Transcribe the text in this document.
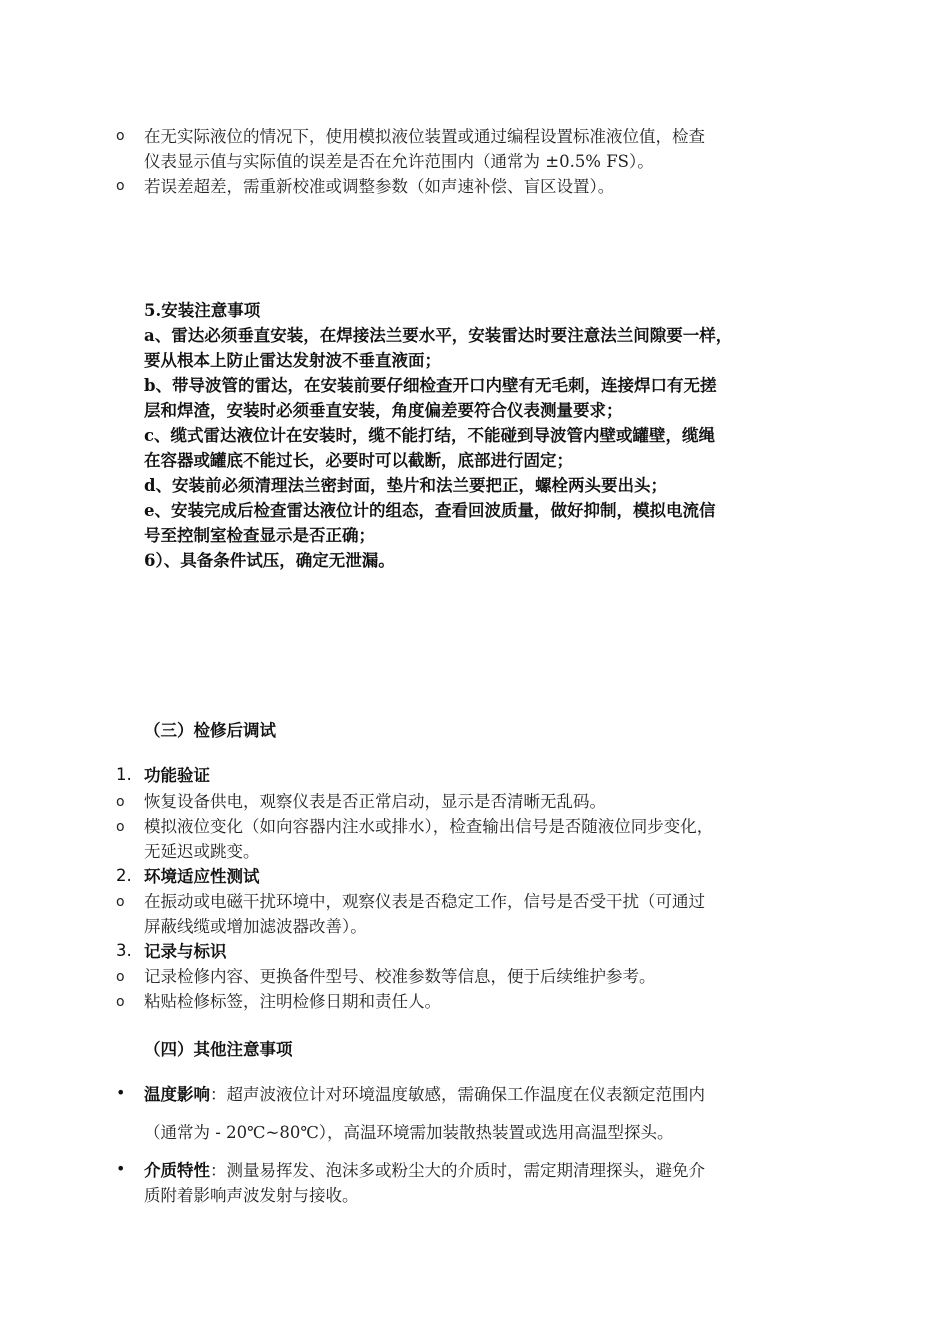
o 在无实际液位的情况下，使用模拟液位装置或通过编程设置标准液位值，检查
仪表显示值与实际值的误差是否在允许范围内（通常为 ±0.5% FS）。
o 若误差超差，需重新校准或调整参数（如声速补偿、盲区设置）。
5.安装注意事项
a、雷达必须垂直安装，在焊接法兰要水平，安装雷达时要注意法兰间隙要一样，
要从根本上防止雷达发射波不垂直液面；
b、带导波管的雷达，在安装前要仔细检查开口内壁有无毛刺，连接焊口有无搓
层和焊渣，安装时必须垂直安装，角度偏差要符合仪表测量要求；
c、缆式雷达液位计在安装时，缆不能打结，不能碰到导波管内壁或罐壁，缆绳
在容器或罐底不能过长，必要时可以截断，底部进行固定；
d、安装前必须清理法兰密封面，垫片和法兰要把正，螺栓两头要出头；
e、安装完成后检查雷达液位计的组态，查看回波质量，做好抑制，模拟电流信
号至控制室检查显示是否正确；
6）、具备条件试压，确定无泄漏。
（三）检修后调试
1. 功能验证
o 恢复设备供电，观察仪表是否正常启动，显示是否清晰无乱码。
o 模拟液位变化（如向容器内注水或排水），检查输出信号是否随液位同步变化，
无延迟或跳变。
2. 环境适应性测试
o 在振动或电磁干扰环境中，观察仪表是否稳定工作，信号是否受干扰（可通过
屏蔽线缆或增加滤波器改善）。
3. 记录与标识
o 记录检修内容、更换备件型号、校准参数等信息，便于后续维护参考。
o 粘贴检修标签，注明检修日期和责任人。
（四）其他注意事项
• 温度影响：超声波液位计对环境温度敏感，需确保工作温度在仪表额定范围内
（通常为 - 20℃~80℃），高温环境需加装散热装置或选用高温型探头。
• 介质特性：测量易挥发、泡沫多或粉尘大的介质时，需定期清理探头，避免介
质附着影响声波发射与接收。
